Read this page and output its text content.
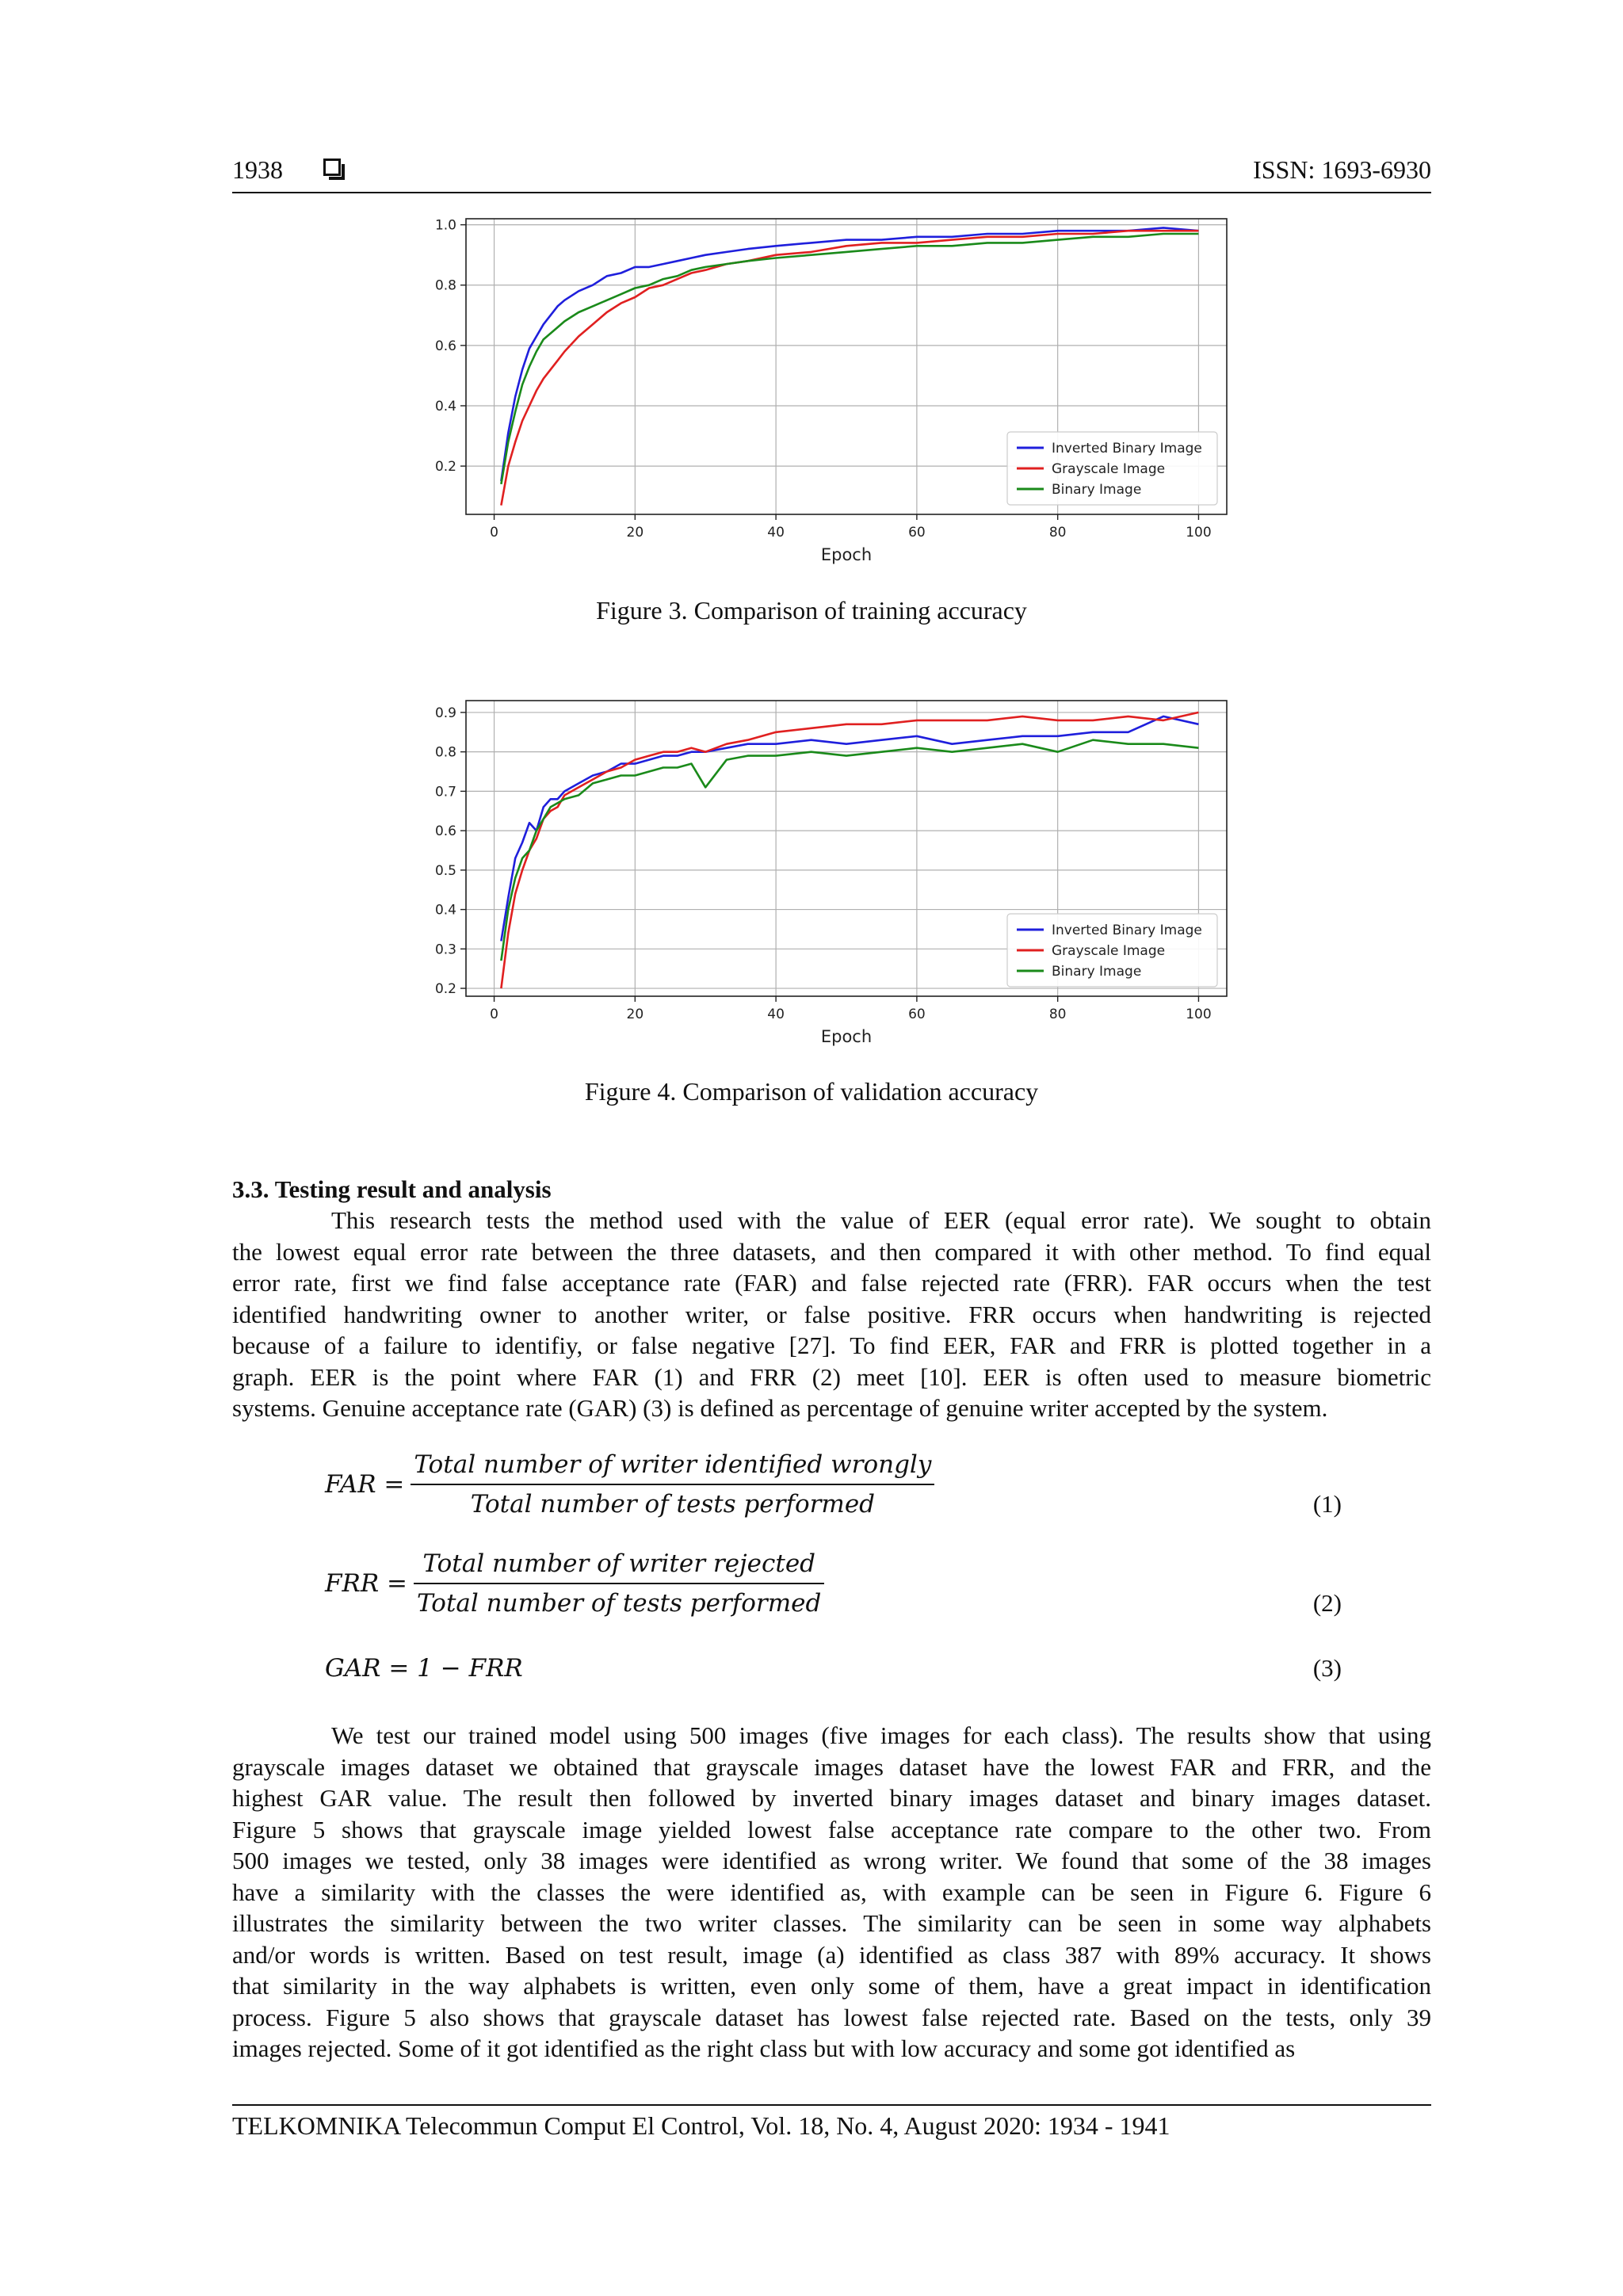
1938	ISSN: 1693-6930
0	20	40	60	80	100
0.2
0.4
0.6
0.8
1.0
Epoch
Inverted Binary Image
Grayscale Image
Binary Image
Figure 3. Comparison of training accuracy
0	20	40	60	80	100
0.2
0.3
0.4
0.5
0.6
0.7
0.8
0.9
Epoch
Inverted Binary Image
Grayscale Image
Binary Image
Figure 4. Comparison of validation accuracy
3.3. Testing result and analysis
This research tests the method used with the value of EER (equal error rate). We sought to obtain
the lowest equal error rate between the three datasets, and then compared it with other method. To find equal
error rate, first we find false acceptance rate (FAR) and false rejected rate (FRR). FAR occurs when the test
identified handwriting owner to another writer, or false positive. FRR occurs when handwriting is rejected
because of a failure to identifiy, or false negative [27]. To find EER, FAR and FRR is plotted together in a
graph. EER is the point where FAR (1) and FRR (2) meet [10]. EER is often used to measure biometric
systems. Genuine acceptance rate (GAR) (3) is defined as percentage of genuine writer accepted by the system.
FAR = $\frac{\text{Total number of writer identified wrongly}}{\text{Total number of tests performed}}$	(1)
FRR = $\frac{\text{Total number of writer rejected}}{\text{Total number of tests performed}}$	(2)
GAR = 1 − FRR	(3)
We test our trained model using 500 images (five images for each class). The results show that using
grayscale images dataset we obtained that grayscale images dataset have the lowest FAR and FRR, and the
highest GAR value. The result then followed by inverted binary images dataset and binary images dataset.
Figure 5 shows that grayscale image yielded lowest false acceptance rate compare to the other two. From
500 images we tested, only 38 images were identified as wrong writer. We found that some of the 38 images
have a similarity with the classes the were identified as, with example can be seen in Figure 6. Figure 6
illustrates the similarity between the two writer classes. The similarity can be seen in some way alphabets
and/or words is written. Based on test result, image (a) identified as class 387 with 89% accuracy. It shows
that similarity in the way alphabets is written, even only some of them, have a great impact in identification
process. Figure 5 also shows that grayscale dataset has lowest false rejected rate. Based on the tests, only 39
images rejected. Some of it got identified as the right class but with low accuracy and some got identified as
TELKOMNIKA Telecommun Comput El Control, Vol. 18, No. 4, August 2020: 1934 - 1941
